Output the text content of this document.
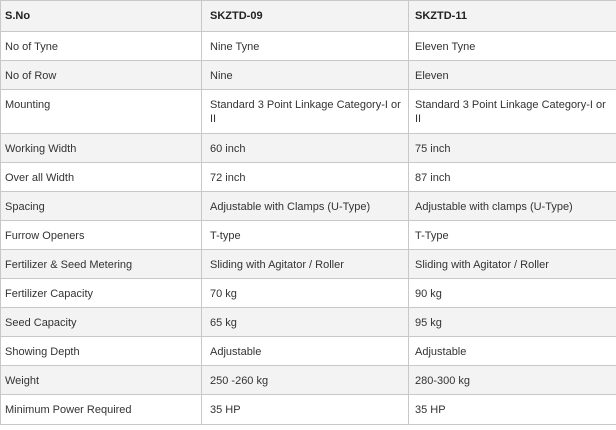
S.No	SKZTD-09	SKZTD-11
No of Tyne	Nine Tyne	Eleven Tyne
No of Row	Nine	Eleven
Mounting	Standard 3 Point Linkage Category-I or II	Standard 3 Point Linkage Category-I or II
Working Width	60 inch	75 inch
Over all Width	72 inch	87 inch
Spacing	Adjustable with Clamps (U-Type)	Adjustable with clamps (U-Type)
Furrow Openers	T-type	T-Type
Fertilizer & Seed Metering	Sliding with Agitator / Roller	Sliding with Agitator / Roller
Fertilizer Capacity	70 kg	90 kg
Seed Capacity	65 kg	95 kg
Showing Depth	Adjustable	Adjustable
Weight	250 -260 kg	280-300 kg
Minimum Power Required	35 HP	35 HP
